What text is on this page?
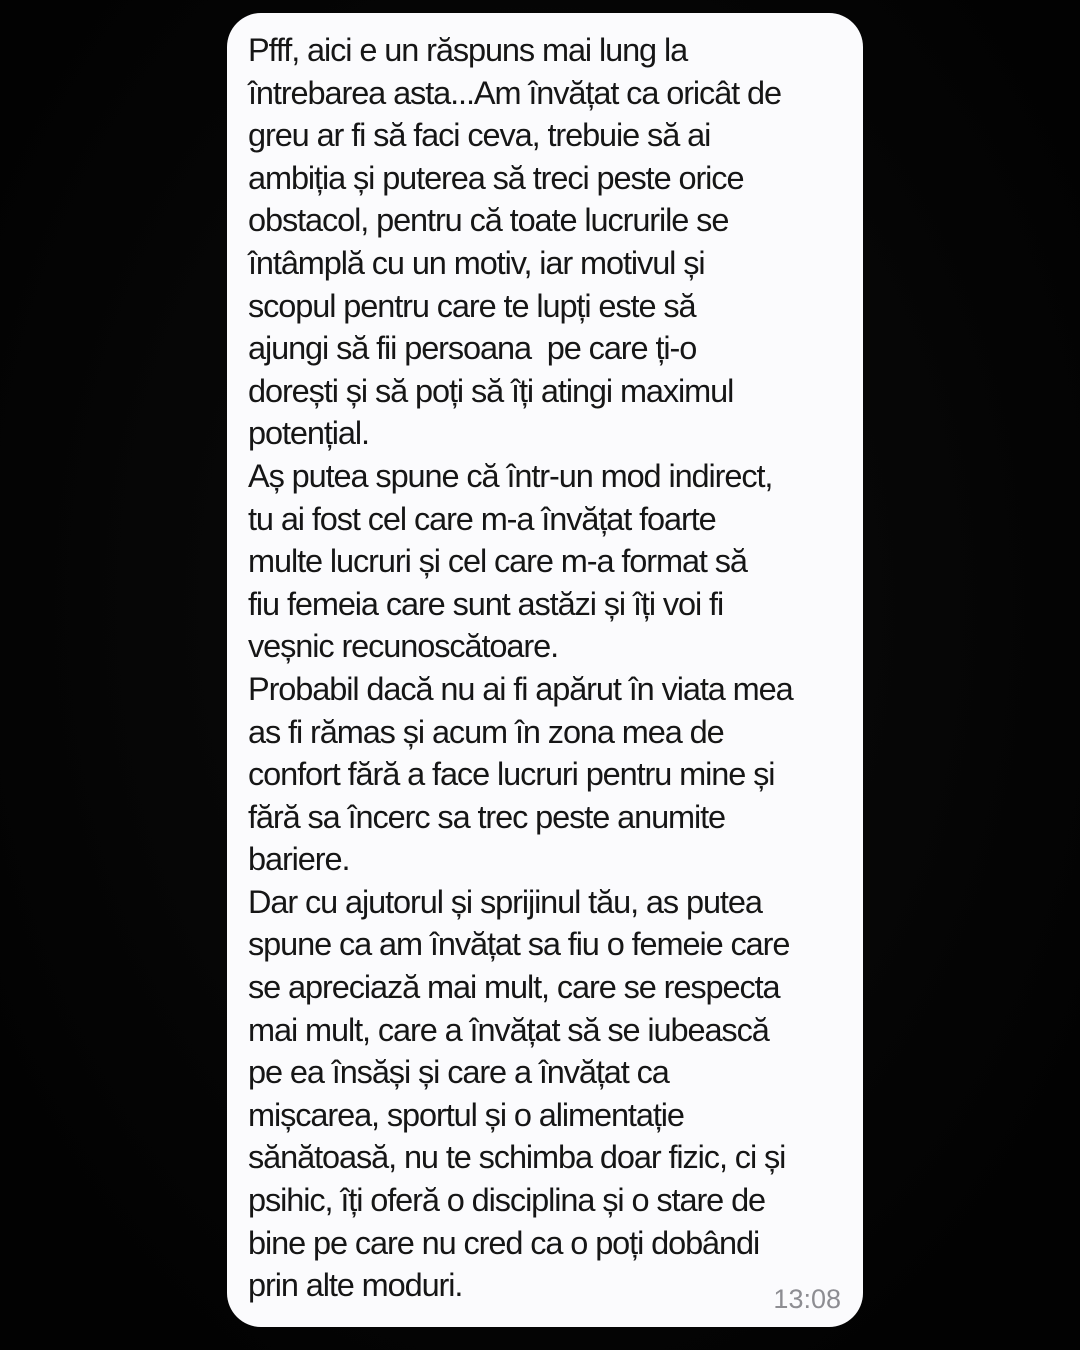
Pfff, aici e un răspuns mai lung la
întrebarea asta...Am învățat ca oricât de
greu ar fi să faci ceva, trebuie să ai
ambiția și puterea să treci peste orice
obstacol, pentru că toate lucrurile se
întâmplă cu un motiv, iar motivul și
scopul pentru care te lupți este să
ajungi să fii persoana  pe care ți-o
dorești și să poți să îți atingi maximul
potențial.
Aș putea spune că într-un mod indirect,
tu ai fost cel care m-a învățat foarte
multe lucruri și cel care m-a format să
fiu femeia care sunt astăzi și îți voi fi
veșnic recunoscătoare.
Probabil dacă nu ai fi apărut în viata mea
as fi rămas și acum în zona mea de
confort fără a face lucruri pentru mine și
fără sa încerc sa trec peste anumite
bariere.
Dar cu ajutorul și sprijinul tău, as putea
spune ca am învățat sa fiu o femeie care
se apreciază mai mult, care se respecta
mai mult, care a învățat să se iubească
pe ea însăși și care a învățat ca
mișcarea, sportul și o alimentație
sănătoasă, nu te schimba doar fizic, ci și
psihic, îți oferă o disciplina și o stare de
bine pe care nu cred ca o poți dobândi
prin alte moduri.	13:08
